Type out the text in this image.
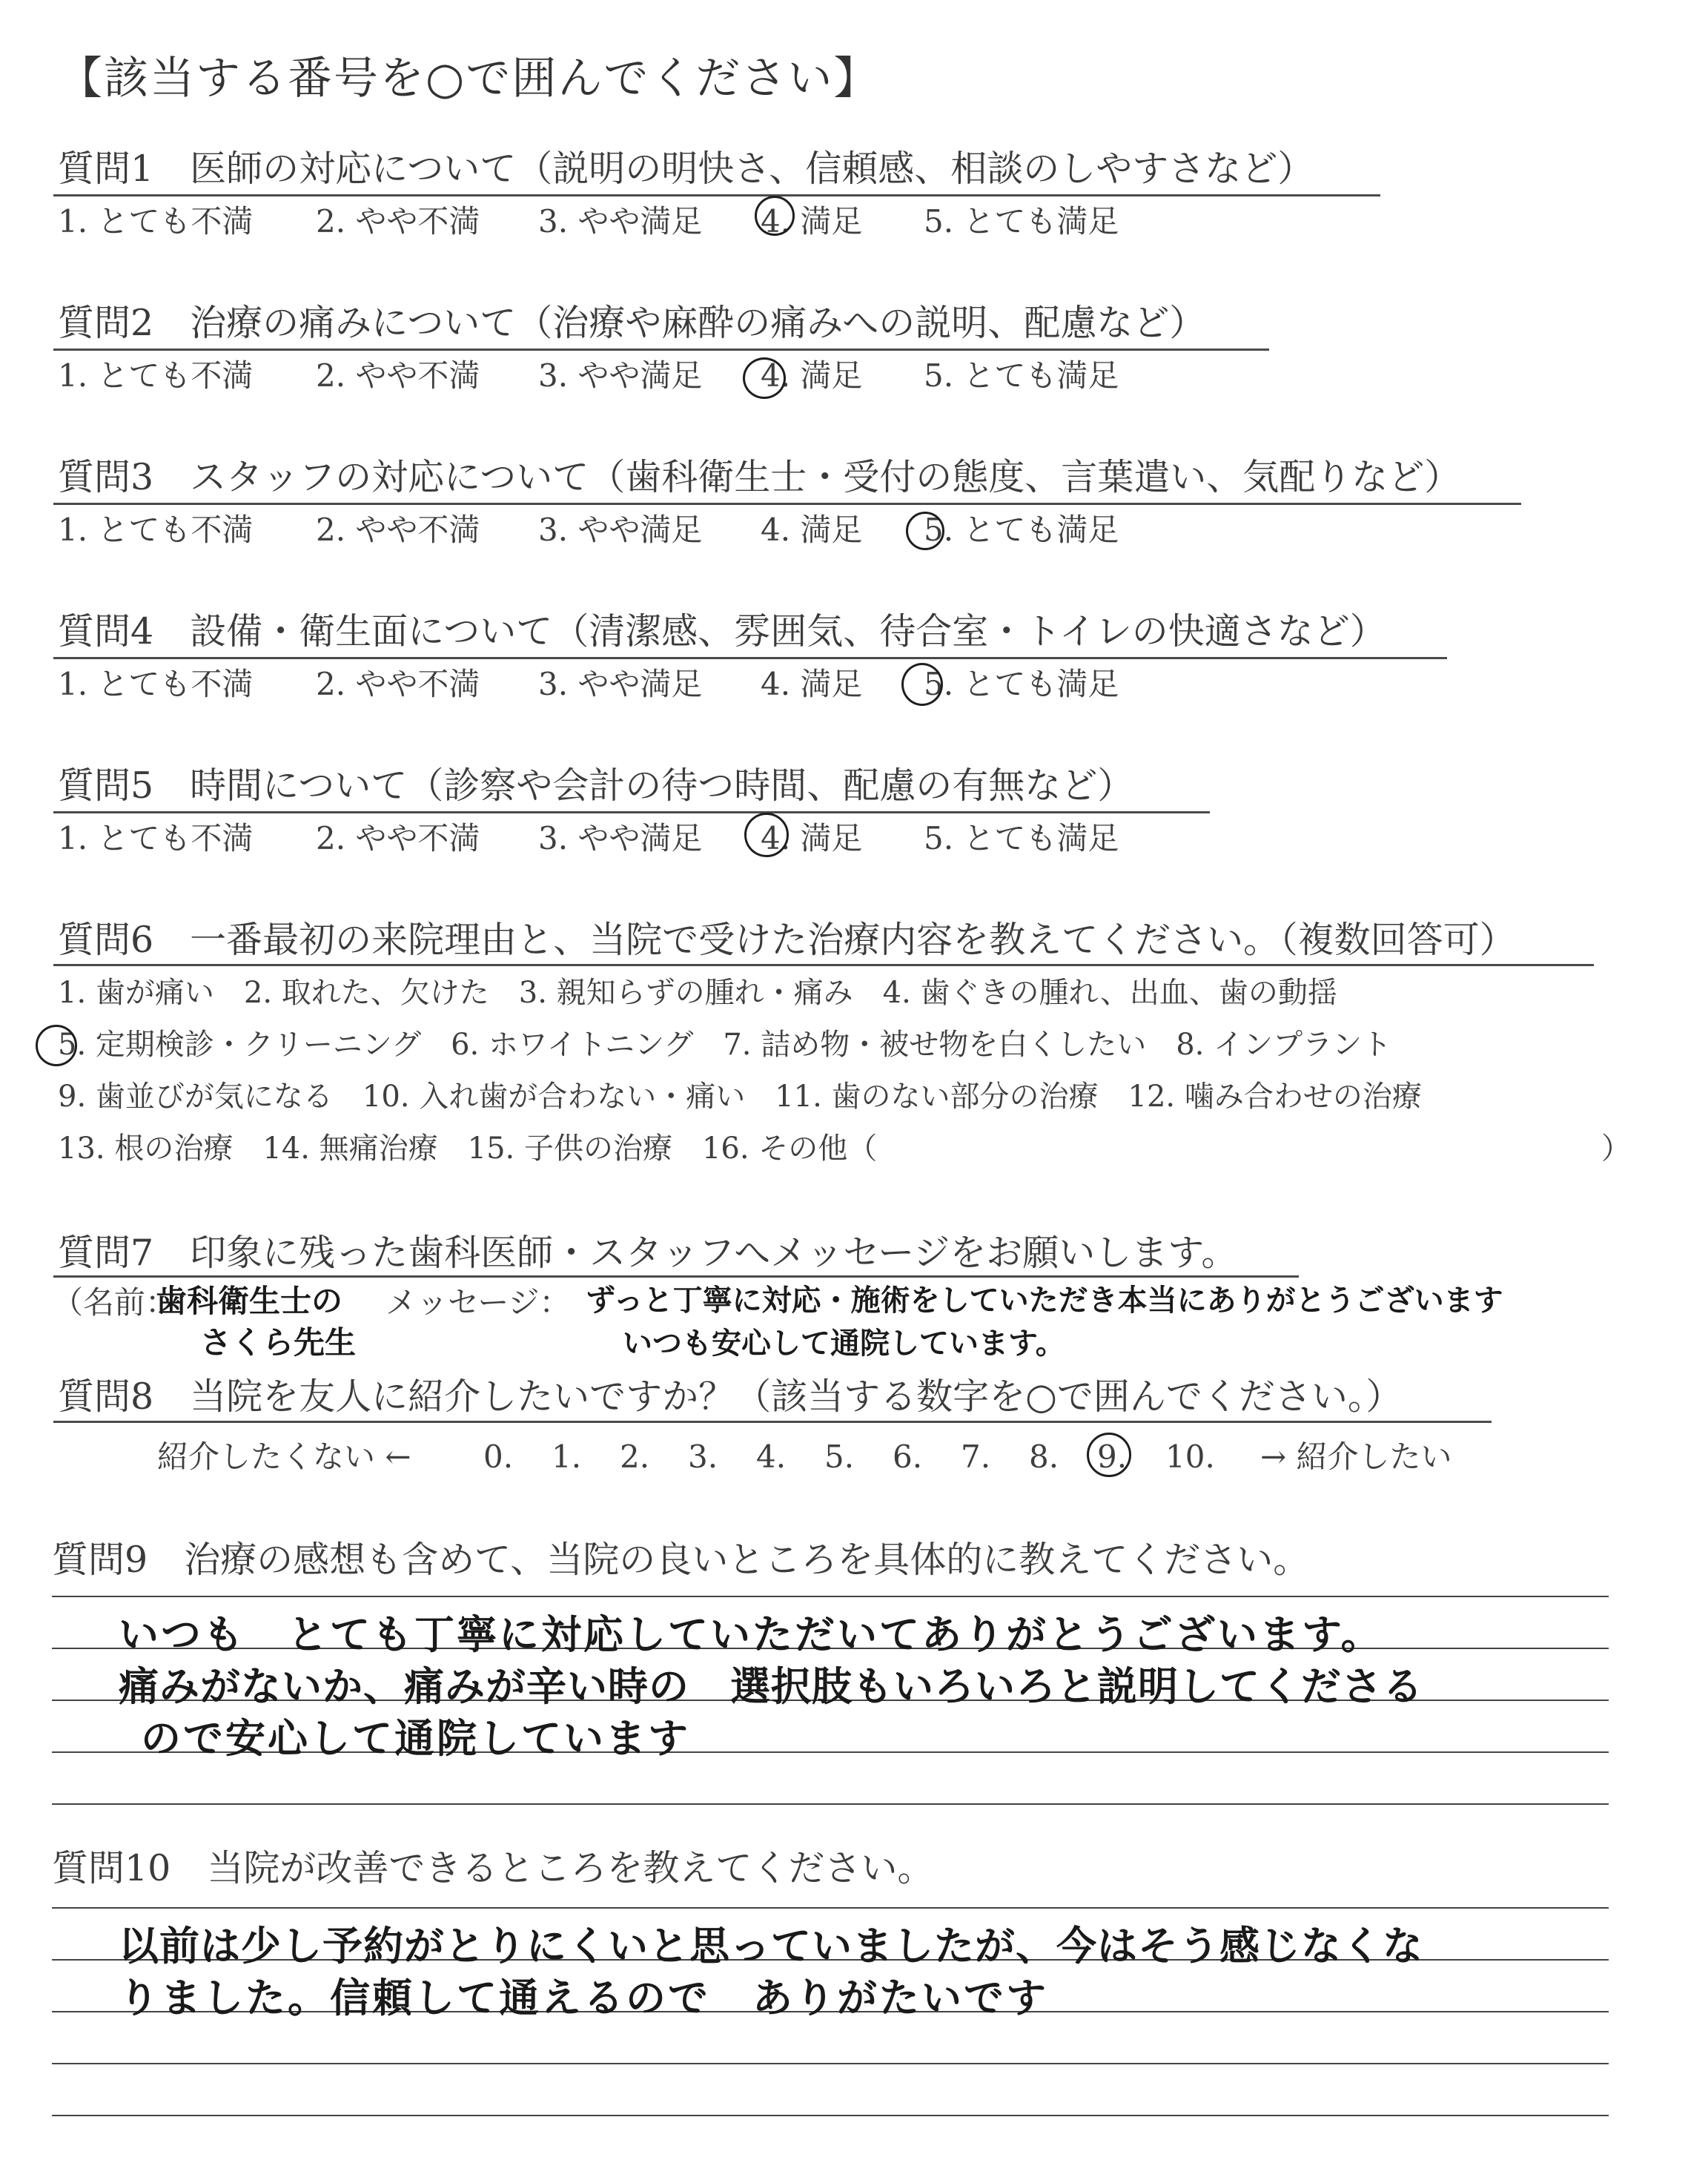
【該当する番号を○で囲んでください】
質問1　医師の対応について（説明の明快さ、信頼感、相談のしやすさなど）
1. とても不満 2. やや不満 3. やや満足 4. 満足 5. とても満足
質問2　治療の痛みについて（治療や麻酔の痛みへの説明、配慮など）
1. とても不満 2. やや不満 3. やや満足 4. 満足 5. とても満足
質問3　スタッフの対応について（歯科衛生士・受付の態度、言葉遣い、気配りなど）
1. とても不満 2. やや不満 3. やや満足 4. 満足 5. とても満足
質問4　設備・衛生面について（清潔感、雰囲気、待合室・トイレの快適さなど）
1. とても不満 2. やや不満 3. やや満足 4. 満足 5. とても満足
質問5　時間について（診察や会計の待つ時間、配慮の有無など）
1. とても不満 2. やや不満 3. やや満足 4. 満足 5. とても満足
質問6　一番最初の来院理由と、当院で受けた治療内容を教えてください。（複数回答可）
1. 歯が痛い　2. 取れた、欠けた　3. 親知らずの腫れ・痛み　4. 歯ぐきの腫れ、出血、歯の動揺
5. 定期検診・クリーニング　6. ホワイトニング　7. 詰め物・被せ物を白くしたい　8. インプラント
9. 歯並びが気になる　10. 入れ歯が合わない・痛い　11. 歯のない部分の治療　12. 噛み合わせの治療
13. 根の治療　14. 無痛治療　15. 子供の治療　16. その他（	）
質問7　印象に残った歯科医師・スタッフへメッセージをお願いします。
（名前：
歯科衛生士の
さくら先生
メッセージ： ずっと丁寧に対応・施術をしていただき本当にありがとうございます
いつも安心して通院しています。
質問8　当院を友人に紹介したいですか？（該当する数字を○で囲んでください。）
紹介したくない ← 0. 1. 2. 3. 4. 5. 6. 7. 8. 9. 10. → 紹介したい
質問9　治療の感想も含めて、当院の良いところを具体的に教えてください。
いつも　とても丁寧に対応していただいてありがとうございます。
痛みがないか、痛みが辛い時の　選択肢もいろいろと説明してくださる
ので安心して通院しています
質問10　当院が改善できるところを教えてください。
以前は少し予約がとりにくいと思っていましたが、今はそう感じなくな
りました。信頼して通えるので　ありがたいです
